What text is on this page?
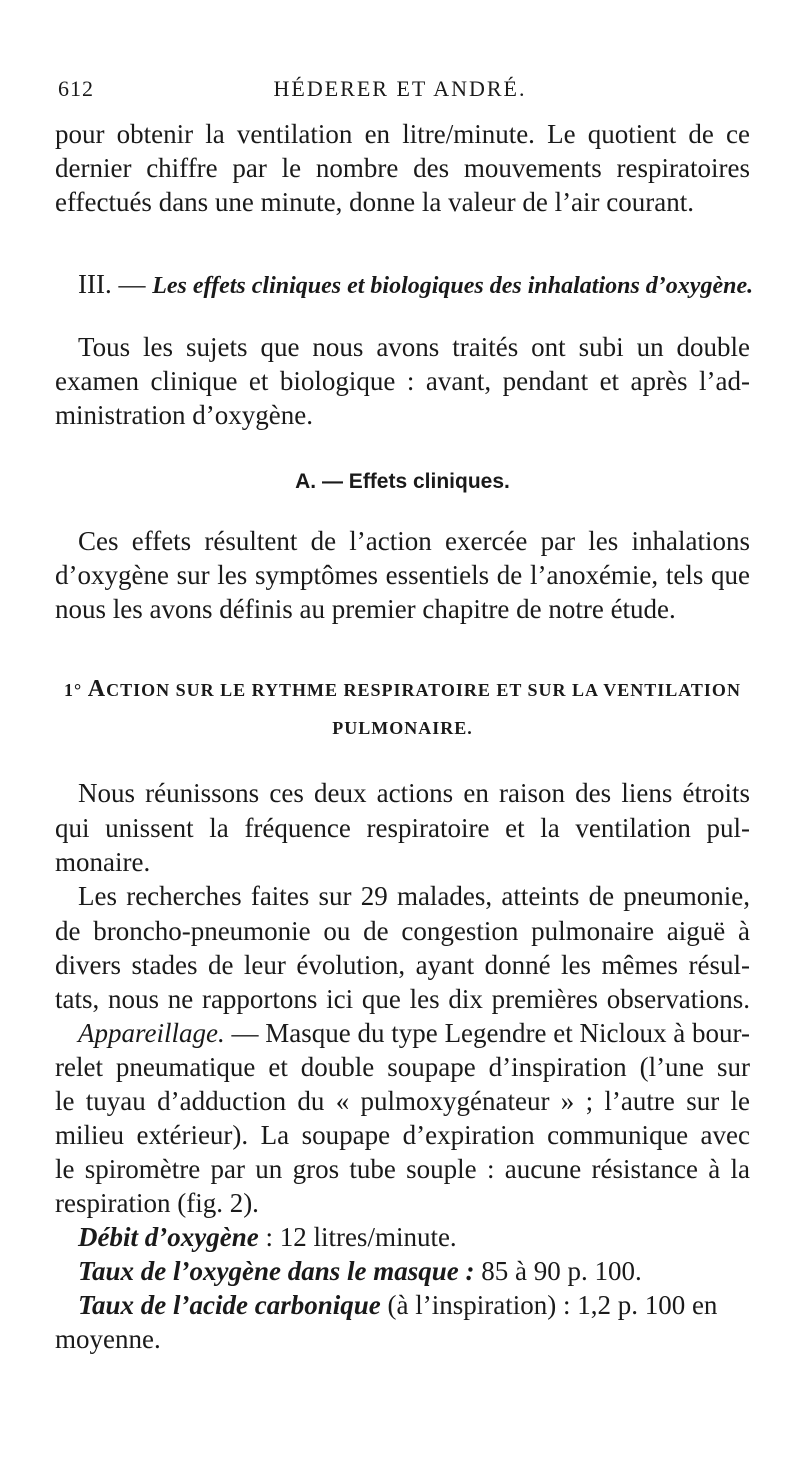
612	HÉDERER ET ANDRÉ.
pour obtenir la ventilation en litre/minute. Le quotient de ce
dernier chiffre par le nombre des mouvements respiratoires
effectués dans une minute, donne la valeur de l’air courant.
III. — Les effets cliniques et biologiques des inhalations d’oxygène.
Tous les sujets que nous avons traités ont subi un double
examen clinique et biologique : avant, pendant et après l’ad-
ministration d’oxygène.
A. — Effets cliniques.
Ces effets résultent de l’action exercée par les inhalations
d’oxygène sur les symptômes essentiels de l’anoxémie, tels que
nous les avons définis au premier chapitre de notre étude.
1° ACTION SUR LE RYTHME RESPIRATOIRE ET SUR LA VENTILATION
PULMONAIRE.
Nous réunissons ces deux actions en raison des liens étroits
qui unissent la fréquence respiratoire et la ventilation pul-
monaire.
Les recherches faites sur 29 malades, atteints de pneumonie,
de broncho-pneumonie ou de congestion pulmonaire aiguë à
divers stades de leur évolution, ayant donné les mêmes résul-
tats, nous ne rapportons ici que les dix premières observations.
Appareillage. — Masque du type Legendre et Nicloux à bour-
relet pneumatique et double soupape d’inspiration (l’une sur
le tuyau d’adduction du « pulmoxygénateur » ; l’autre sur le
milieu extérieur). La soupape d’expiration communique avec
le spiromètre par un gros tube souple : aucune résistance à la
respiration (fig. 2).
Débit d’oxygène : 12 litres/minute.
Taux de l’oxygène dans le masque : 85 à 90 p. 100.
Taux de l’acide carbonique (à l’inspiration) : 1,2 p. 100 en
moyenne.
